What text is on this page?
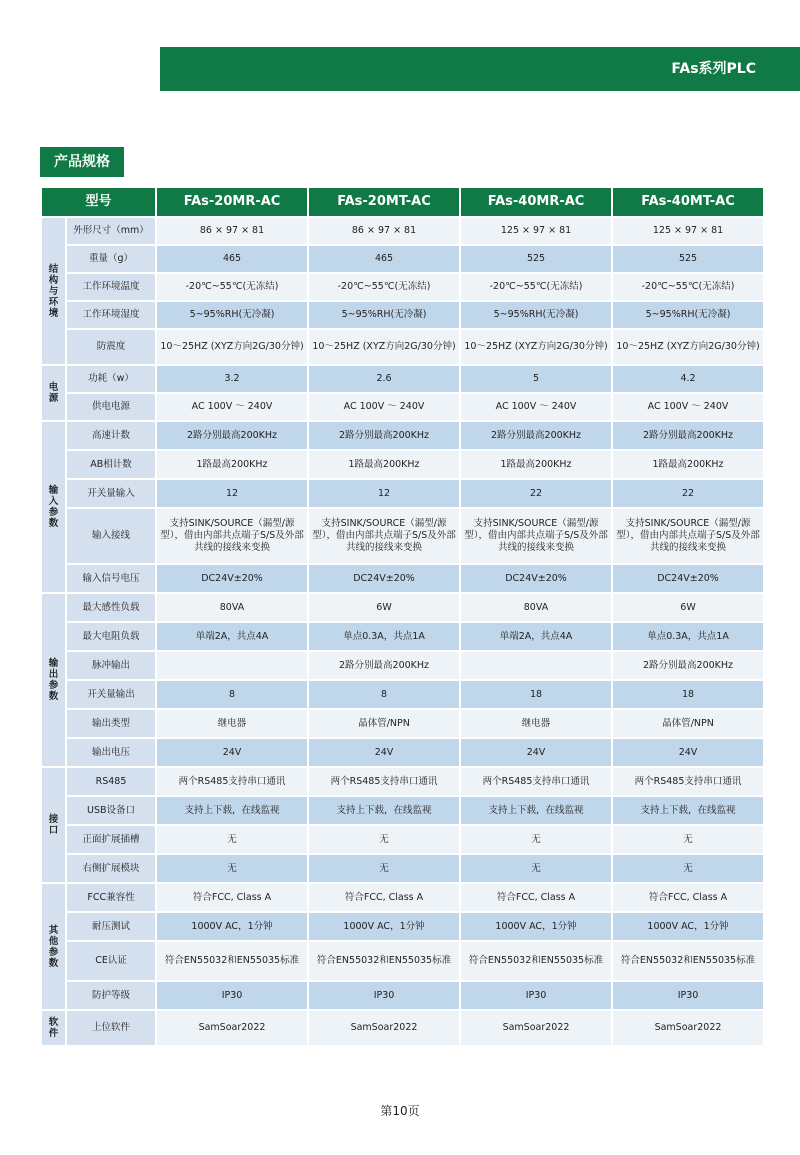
FAs系列PLC
产品规格
型号		FAs-20MR-AC	FAs-20MT-AC	FAs-40MR-AC	FAs-40MT-AC
结构与环境	外形尺寸（mm）	86 × 97 × 81	86 × 97 × 81	125 × 97 × 81	125 × 97 × 81
	重量（g）	465	465	525	525
	工作环境温度	-20℃~55℃(无冻结)	-20℃~55℃(无冻结)	-20℃~55℃(无冻结)	-20℃~55℃(无冻结)
	工作环境湿度	5~95%RH(无冷凝)	5~95%RH(无冷凝)	5~95%RH(无冷凝)	5~95%RH(无冷凝)
	防震度	10～25HZ (XYZ方向2G/30分钟)	10～25HZ (XYZ方向2G/30分钟)	10～25HZ (XYZ方向2G/30分钟)	10～25HZ (XYZ方向2G/30分钟)
电源	功耗（w）	3.2	2.6	5	4.2
	供电电源	AC 100V ～ 240V	AC 100V ～ 240V	AC 100V ～ 240V	AC 100V ～ 240V
输入参数	高速计数	2路分别最高200KHz	2路分别最高200KHz	2路分别最高200KHz	2路分别最高200KHz
	AB相计数	1路最高200KHz	1路最高200KHz	1路最高200KHz	1路最高200KHz
	开关量输入	12	12	22	22
	输入接线	支持SINK/SOURCE（漏型/源型），借由内部共点端子S/S及外部共线的接线来变换	支持SINK/SOURCE（漏型/源型），借由内部共点端子S/S及外部共线的接线来变换	支持SINK/SOURCE（漏型/源型），借由内部共点端子S/S及外部共线的接线来变换	支持SINK/SOURCE（漏型/源型），借由内部共点端子S/S及外部共线的接线来变换
	输入信号电压	DC24V±20%	DC24V±20%	DC24V±20%	DC24V±20%
输出参数	最大感性负载	80VA	6W	80VA	6W
	最大电阻负载	单端2A，共点4A	单点0.3A，共点1A	单端2A，共点4A	单点0.3A，共点1A
	脉冲输出		2路分别最高200KHz		2路分别最高200KHz
	开关量输出	8	8	18	18
	输出类型	继电器	晶体管/NPN	继电器	晶体管/NPN
	输出电压	24V	24V	24V	24V
接口	RS485	两个RS485支持串口通讯	两个RS485支持串口通讯	两个RS485支持串口通讯	两个RS485支持串口通讯
	USB设备口	支持上下载，在线监视	支持上下载，在线监视	支持上下载，在线监视	支持上下载，在线监视
	正面扩展插槽	无	无	无	无
	右侧扩展模块	无	无	无	无
其他参数	FCC兼容性	符合FCC, Class A	符合FCC, Class A	符合FCC, Class A	符合FCC, Class A
	耐压测试	1000V AC，1分钟	1000V AC，1分钟	1000V AC，1分钟	1000V AC，1分钟
	CE认证	符合EN55032和EN55035标准	符合EN55032和EN55035标准	符合EN55032和EN55035标准	符合EN55032和EN55035标准
	防护等级	IP30	IP30	IP30	IP30
软件	上位软件	SamSoar2022	SamSoar2022	SamSoar2022	SamSoar2022
第10页
